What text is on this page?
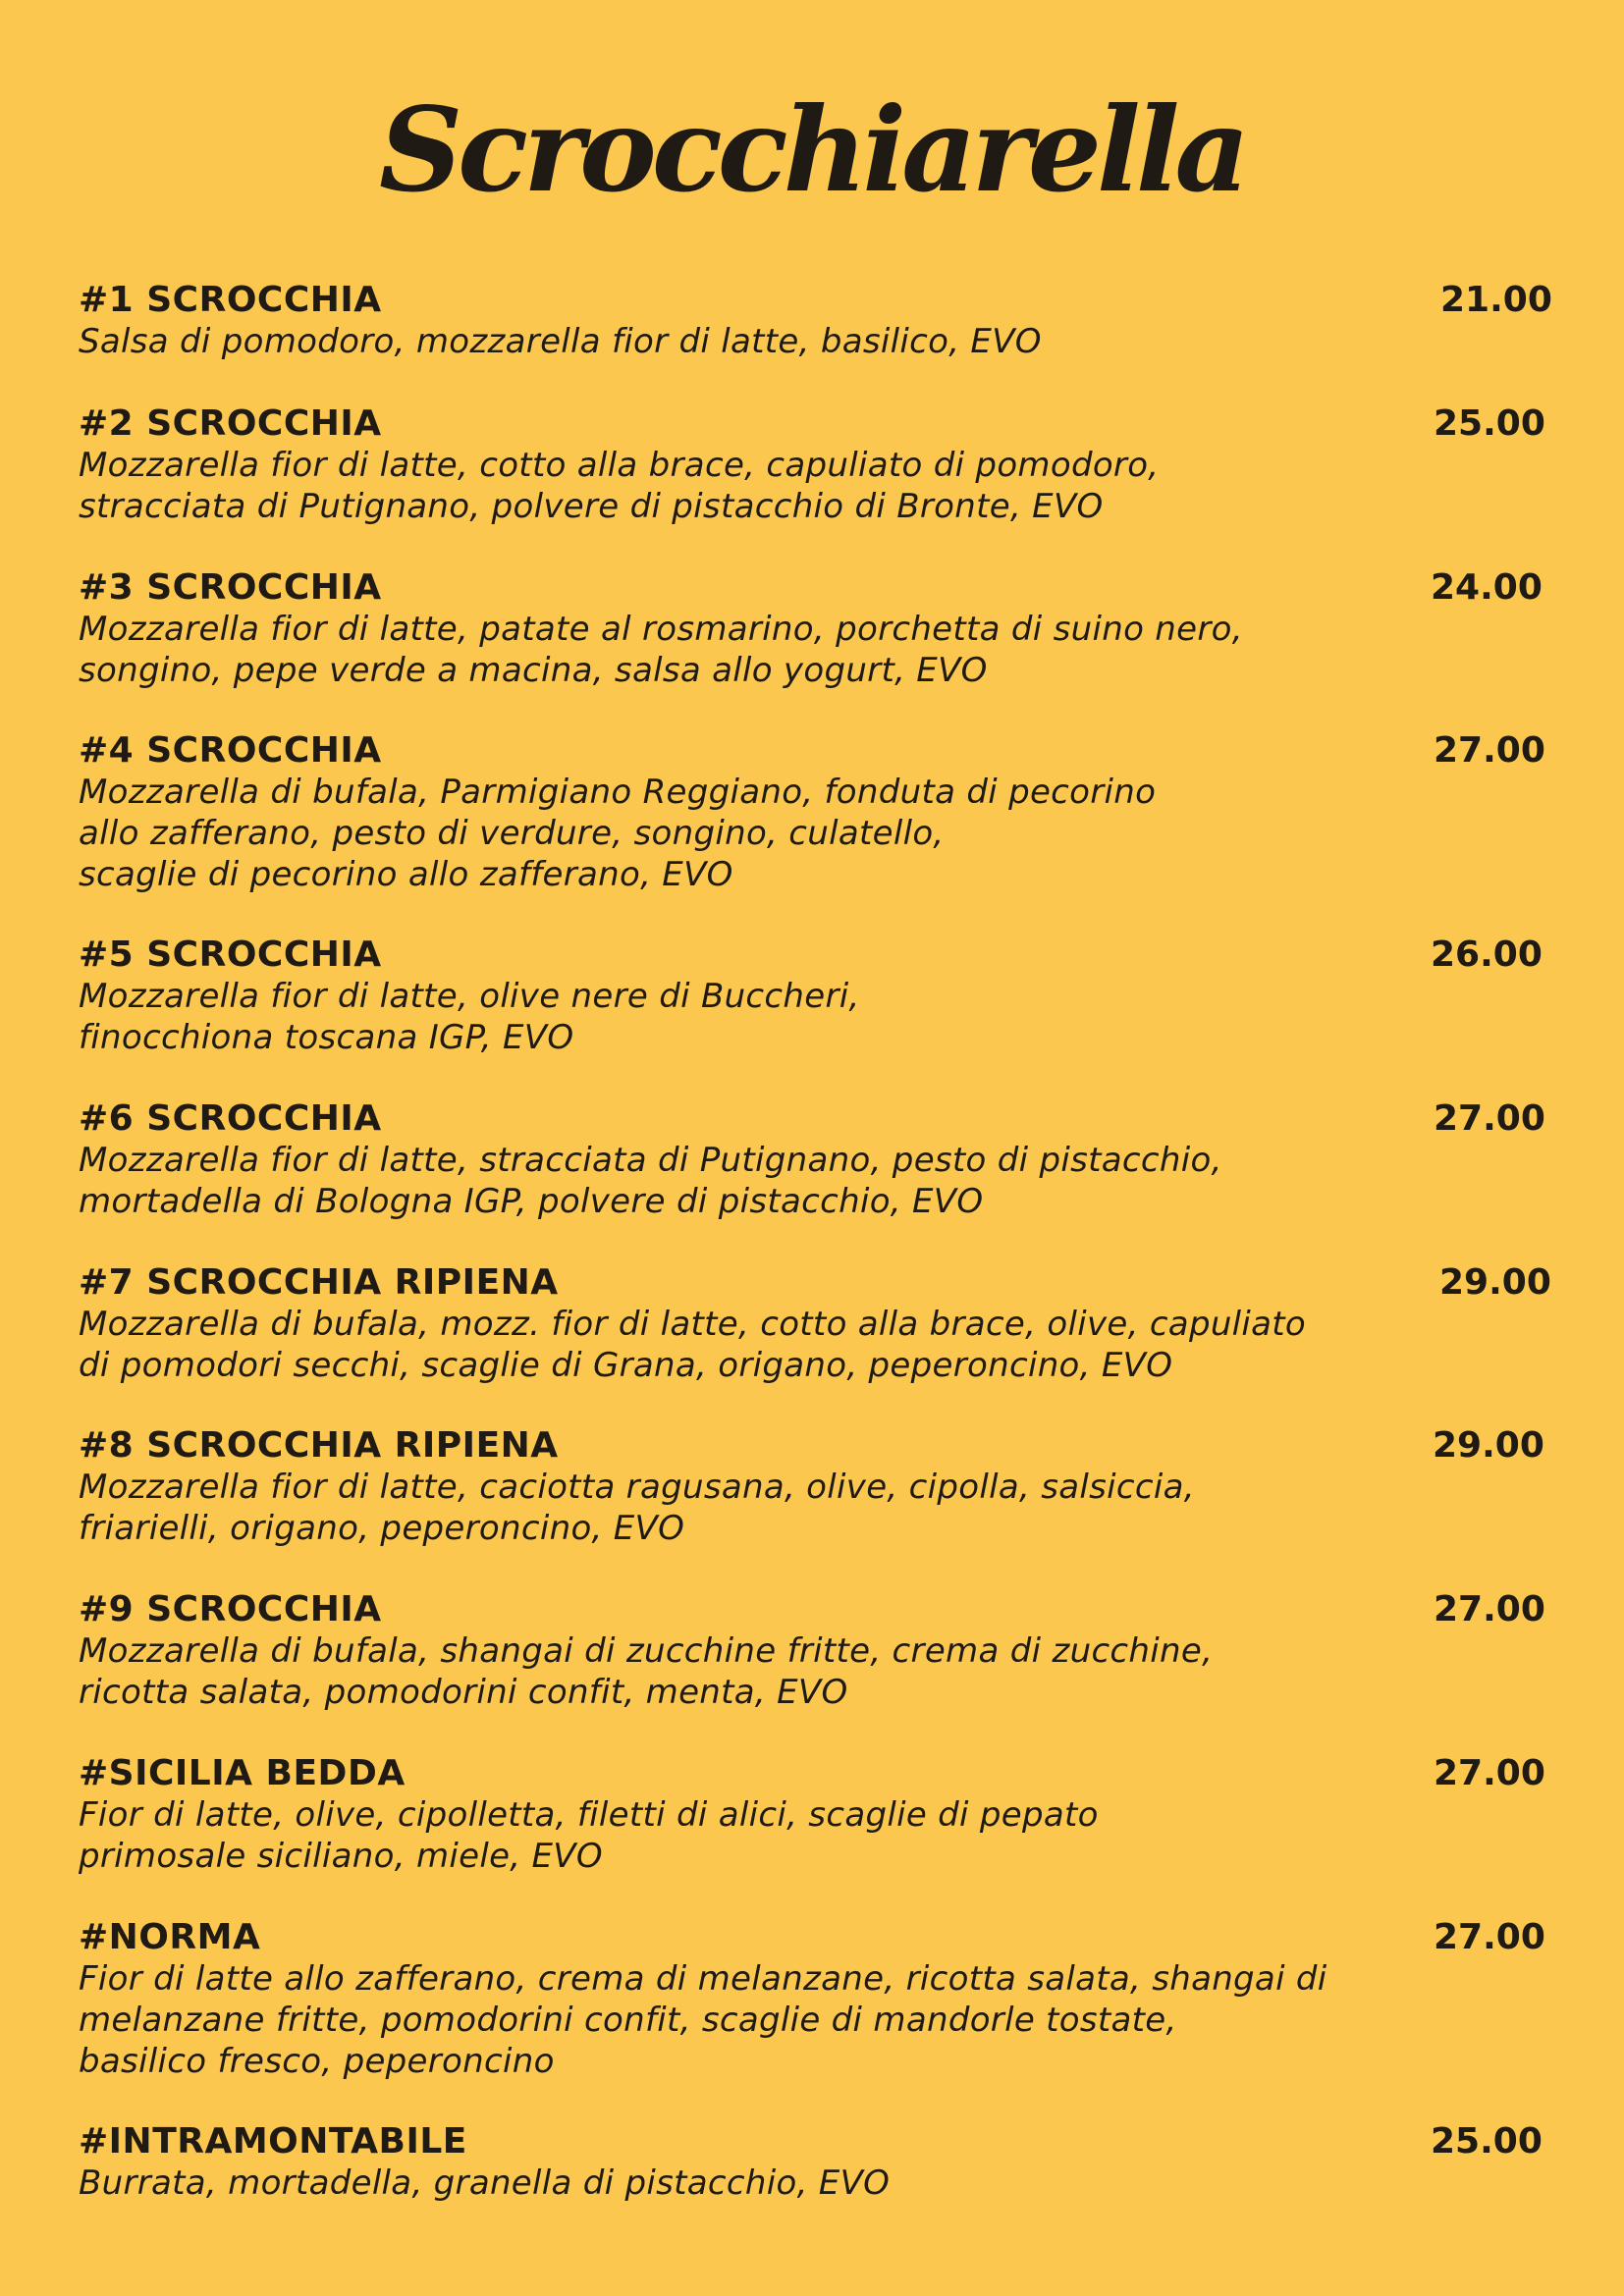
Scrocchiarella
#1 SCROCCHIA	21.00
Salsa di pomodoro, mozzarella fior di latte, basilico, EVO
#2 SCROCCHIA	25.00
Mozzarella fior di latte, cotto alla brace, capuliato di pomodoro,
stracciata di Putignano, polvere di pistacchio di Bronte, EVO
#3 SCROCCHIA	24.00
Mozzarella fior di latte, patate al rosmarino, porchetta di suino nero,
songino, pepe verde a macina, salsa allo yogurt, EVO
#4 SCROCCHIA	27.00
Mozzarella di bufala, Parmigiano Reggiano, fonduta di pecorino
allo zafferano, pesto di verdure, songino, culatello,
scaglie di pecorino allo zafferano, EVO
#5 SCROCCHIA	26.00
Mozzarella fior di latte, olive nere di Buccheri,
finocchiona toscana IGP, EVO
#6 SCROCCHIA	27.00
Mozzarella fior di latte, stracciata di Putignano, pesto di pistacchio,
mortadella di Bologna IGP, polvere di pistacchio, EVO
#7 SCROCCHIA RIPIENA	29.00
Mozzarella di bufala, mozz. fior di latte, cotto alla brace, olive, capuliato
di pomodori secchi, scaglie di Grana, origano, peperoncino, EVO
#8 SCROCCHIA RIPIENA	29.00
Mozzarella fior di latte, caciotta ragusana, olive, cipolla, salsiccia,
friarielli, origano, peperoncino, EVO
#9 SCROCCHIA	27.00
Mozzarella di bufala, shangai di zucchine fritte, crema di zucchine,
ricotta salata, pomodorini confit, menta, EVO
#SICILIA BEDDA	27.00
Fior di latte, olive, cipolletta, filetti di alici, scaglie di pepato
primosale siciliano, miele, EVO
#NORMA	27.00
Fior di latte allo zafferano, crema di melanzane, ricotta salata, shangai di
melanzane fritte, pomodorini confit, scaglie di mandorle tostate,
basilico fresco, peperoncino
#INTRAMONTABILE	25.00
Burrata, mortadella, granella di pistacchio, EVO
